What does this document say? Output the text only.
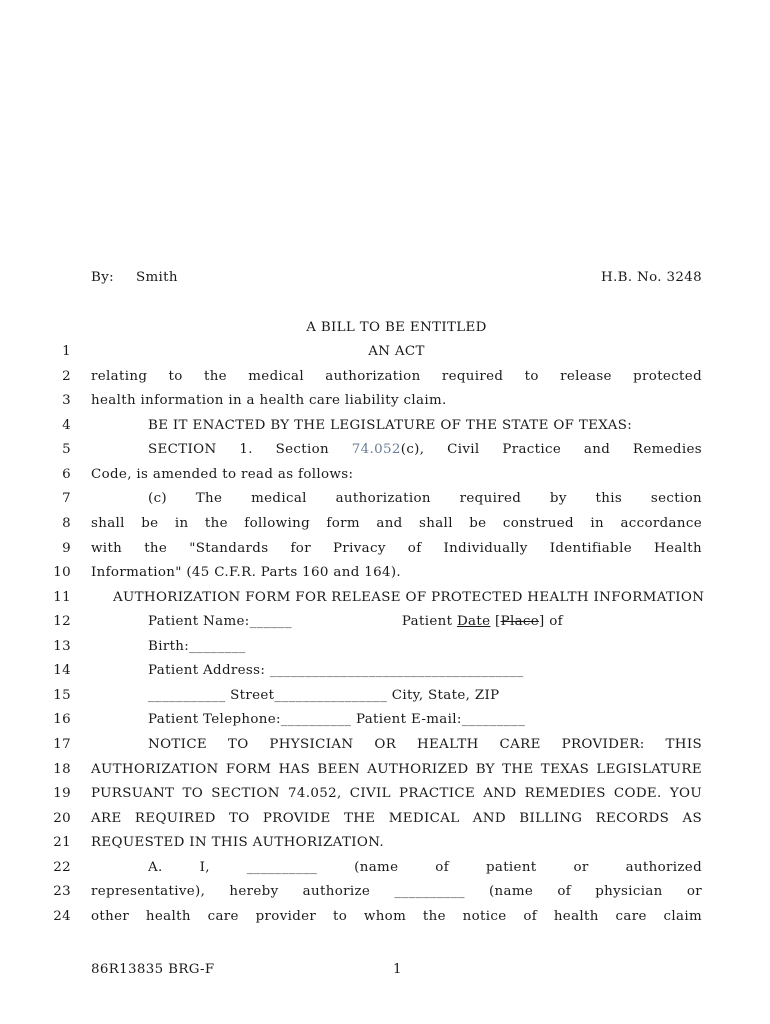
By: Smith	H.B. No. 3248
A BILL TO BE ENTITLED
1
2
3
4
5
6
7
8
9
10
11
12
13
14
15
16
17
18
19
20
21
22
23
24
AN ACT
relating to the medical authorization required to release protected
health information in a health care liability claim.
BE IT ENACTED BY THE LEGISLATURE OF THE STATE OF TEXAS:
SECTION 1. Section 74.052(c), Civil Practice and Remedies
Code, is amended to read as follows:
(c) The medical authorization required by this section
shall be in the following form and shall be construed in accordance
with the "Standards for Privacy of Individually Identifiable Health
Information" (45 C.F.R. Parts 160 and 164).
AUTHORIZATION FORM FOR RELEASE OF PROTECTED HEALTH INFORMATION
Patient Name:______	Patient Date [Place] of
Birth:________
Patient Address: ____________________________________
___________ Street________________ City, State, ZIP
Patient Telephone:__________ Patient E-mail:_________
NOTICE TO PHYSICIAN OR HEALTH CARE PROVIDER: THIS
AUTHORIZATION FORM HAS BEEN AUTHORIZED BY THE TEXAS LEGISLATURE
PURSUANT TO SECTION 74.052, CIVIL PRACTICE AND REMEDIES CODE. YOU
ARE REQUIRED TO PROVIDE THE MEDICAL AND BILLING RECORDS AS
REQUESTED IN THIS AUTHORIZATION.
A. I, __________ (name of patient or authorized
representative), hereby authorize __________ (name of physician or
other health care provider to whom the notice of health care claim
86R13835 BRG-F	1
